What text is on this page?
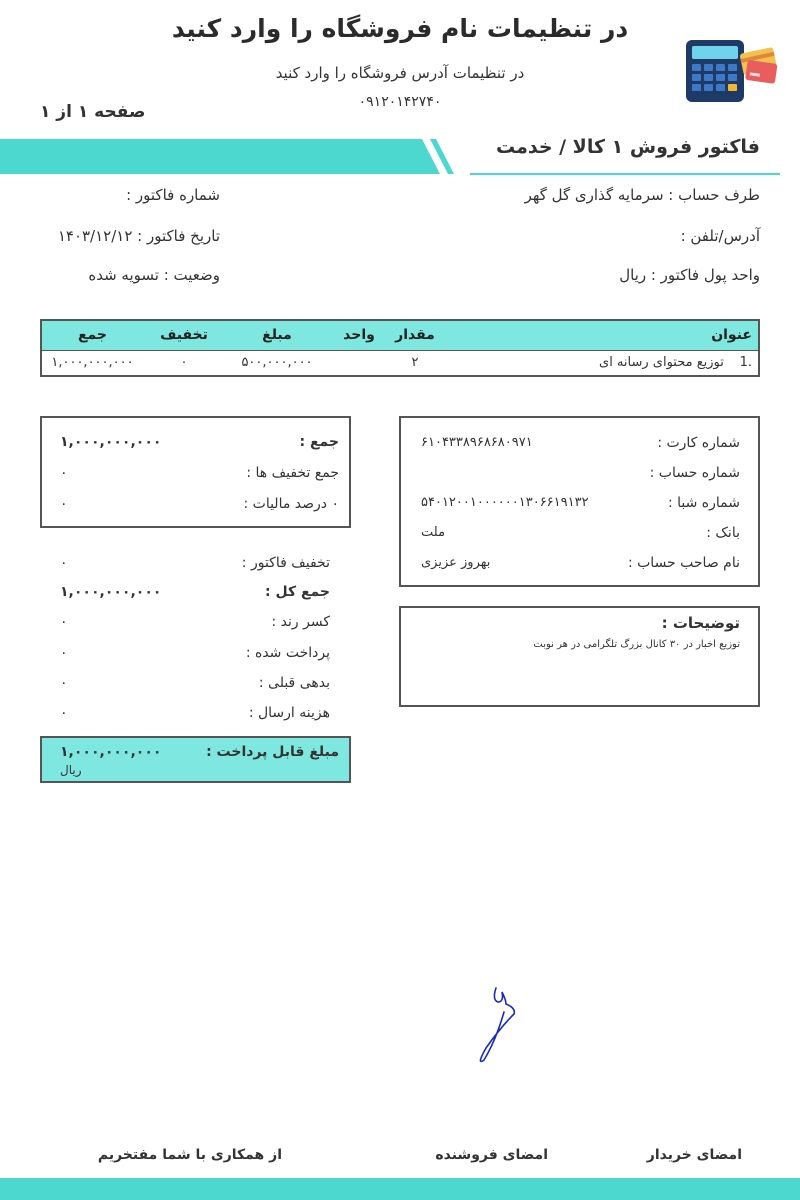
در تنظیمات نام فروشگاه را وارد کنید
در تنظیمات آدرس فروشگاه را وارد کنید
۰۹۱۲۰۱۴۲۷۴۰
صفحه ۱ از ۱
فاکتور فروش ۱ کالا / خدمت
طرف حساب : سرمایه گذاری گل گهر
آدرس/تلفن :
واحد پول فاکتور : ریال
شماره فاکتور :
تاریخ فاکتور : ۱۴۰۳/۱۲/۱۲
وضعیت : تسویه شده
عنوان	مقدار	واحد	مبلغ	تخفیف	جمع
.1 توزیع محتوای رسانه ای	۲		۵۰۰,۰۰۰,۰۰۰	۰	۱,۰۰۰,۰۰۰,۰۰۰
جمع :
۱,۰۰۰,۰۰۰,۰۰۰
جمع تخفیف ها :
۰
۰ درصد مالیات :
۰
تخفیف فاکتور :
۰
جمع کل :
۱,۰۰۰,۰۰۰,۰۰۰
کسر رند :
۰
پرداخت شده :
۰
بدهی قبلی :
۰
هزینه ارسال :
۰
مبلغ قابل پرداخت :
۱,۰۰۰,۰۰۰,۰۰۰
ریال
شماره کارت :
۶۱۰۴۳۳۸۹۶۸۶۸۰۹۷۱
شماره حساب :
شماره شبا :
۵۴۰۱۲۰۰۱۰۰۰۰۰۰۱۳۰۶۶۱۹۱۳۲
بانک :
ملت
نام صاحب حساب :
بهروز عزیزی
توضیحات :
توزیع اخبار در ۳۰ کانال بزرگ تلگرامی در هر نوبت
امضای خریدار
امضای فروشنده
از همکاری با شما مفتخریم
